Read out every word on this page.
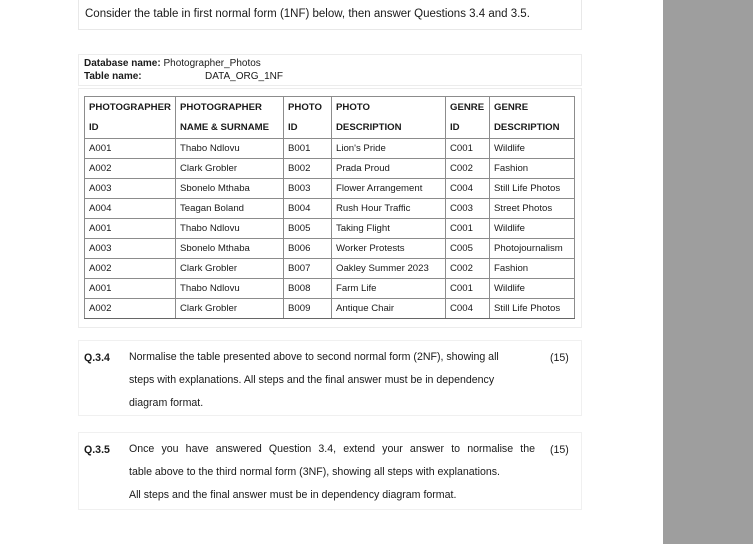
Consider the table in first normal form (1NF) below, then answer Questions 3.4 and 3.5.
Database name: Photographer_Photos
Table name:	DATA_ORG_1NF
PHOTOGRAPHER	PHOTOGRAPHER	PHOTO	PHOTO	GENRE	GENRE
ID	NAME & SURNAME	ID	DESCRIPTION	ID	DESCRIPTION
A001	Thabo Ndlovu	B001	Lion's Pride	C001	Wildlife
A002	Clark Grobler	B002	Prada Proud	C002	Fashion
A003	Sbonelo Mthaba	B003	Flower Arrangement	C004	Still Life Photos
A004	Teagan Boland	B004	Rush Hour Traffic	C003	Street Photos
A001	Thabo Ndlovu	B005	Taking Flight	C001	Wildlife
A003	Sbonelo Mthaba	B006	Worker Protests	C005	Photojournalism
A002	Clark Grobler	B007	Oakley Summer 2023	C002	Fashion
A001	Thabo Ndlovu	B008	Farm Life	C001	Wildlife
A002	Clark Grobler	B009	Antique Chair	C004	Still Life Photos
Q.3.4 Normalise the table presented above to second normal form (2NF), showing all
steps with explanations. All steps and the final answer must be in dependency
diagram format.
(15)
Q.3.5 Once you have answered Question 3.4, extend your answer to normalise the
table above to the third normal form (3NF), showing all steps with explanations.
All steps and the final answer must be in dependency diagram format.
(15)
